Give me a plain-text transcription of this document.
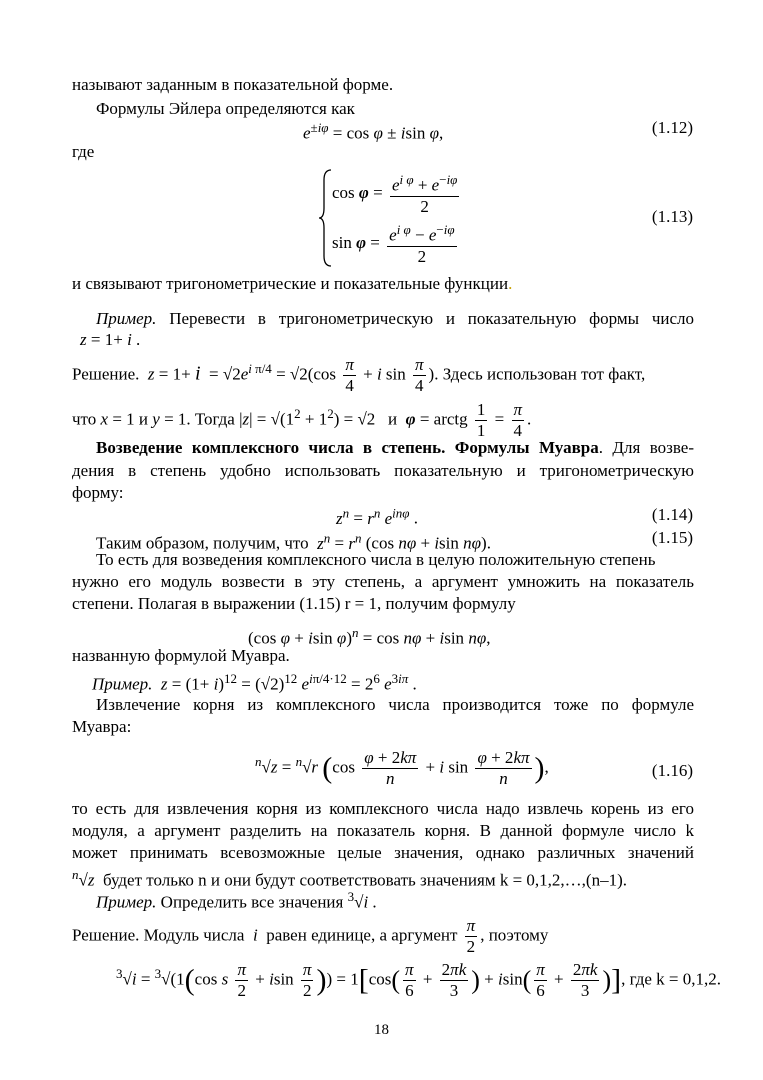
называют заданным в показательной форме.
Формулы Эйлера определяются как
$e^{\pm i\varphi} = \cos \varphi \pm isin$ φ,	(1.12)
где
$\cos \varphi = \frac{e^{i \varphi} + e^{-i\varphi}}{2}$
$\sin \varphi = \frac{e^{i \varphi} - e^{-i\varphi}}{2}$
(1.13)
и связывают тригонометрические и показательные функции.
Пример. Перевести в тригонометрическую и показательную формы число
z = 1+ i .
Решение. $z = 1+ i = √2e^{i \pi/4} = √2(\cos \frac{\pi}{4} + i$ $\sin \frac{\pi}{4}$ ). Здесь использован тот факт,
что x = 1 и y = 1. Тогда $|z| = √(1^2 + 1^2) = √2$   и  φ = arctg $\frac{1}{1} = \frac{\pi}{4}$ .
Возведение комплексного числа в степень. Формулы Муавра. Для возве-
дения в степень удобно использовать показательную и тригонометрическую
форму:
$z^n = r^n$ $e^{in\varphi}$ .	(1.14)
Таким образом, получим, что $z^n = r^n$ (cos nφ + isin nφ).	(1.15)
То есть для возведения комплексного числа в целую положительную степень
нужно его модуль возвести в эту степень, а аргумент умножить на показатель
степени. Полагая в выражении (1.15) r = 1, получим формулу
(cos φ + isin φ)$^n$ = cos nφ + isin nφ,
названную формулой Муавра.
Пример. $z = (1+ i)^{12} = (√2)^{12}$ $e^{i\pi/4\cdot 12} = 2^6$ $e^{3i\pi}$ .
Извлечение корня из комплексного числа производится тоже по формуле
Муавра:
$^n$√z = $^n$√r ($\cos \frac{\varphi + 2k\pi}{n} + i$ $\sin \frac{\varphi + 2k\pi}{n}$ ),	(1.16)
то есть для извлечения корня из комплексного числа надо извлечь корень из его
модуля, а аргумент разделить на показатель корня. В данной формуле число k
может принимать всевозможные целые значения, однако различных значений
$^n$√z будет только n и они будут соответствовать значениям k = 0,1,2,…,(n–1).
Пример. Определить все значения $^3$√i .
Решение. Модуль числа i равен единице, а аргумент $\frac{\pi}{2}$ , поэтому
$^3$√i = $^3$√(1(cos s $\frac{\pi}{2} + isin \frac{\pi}{2}$ )) = $1[\cos( \frac{\pi}{6} + \frac{2\pi k}{3}$ ) + $isin( \frac{\pi}{6} + \frac{2\pi k}{3}$ )], где k = 0,1,2.
18
